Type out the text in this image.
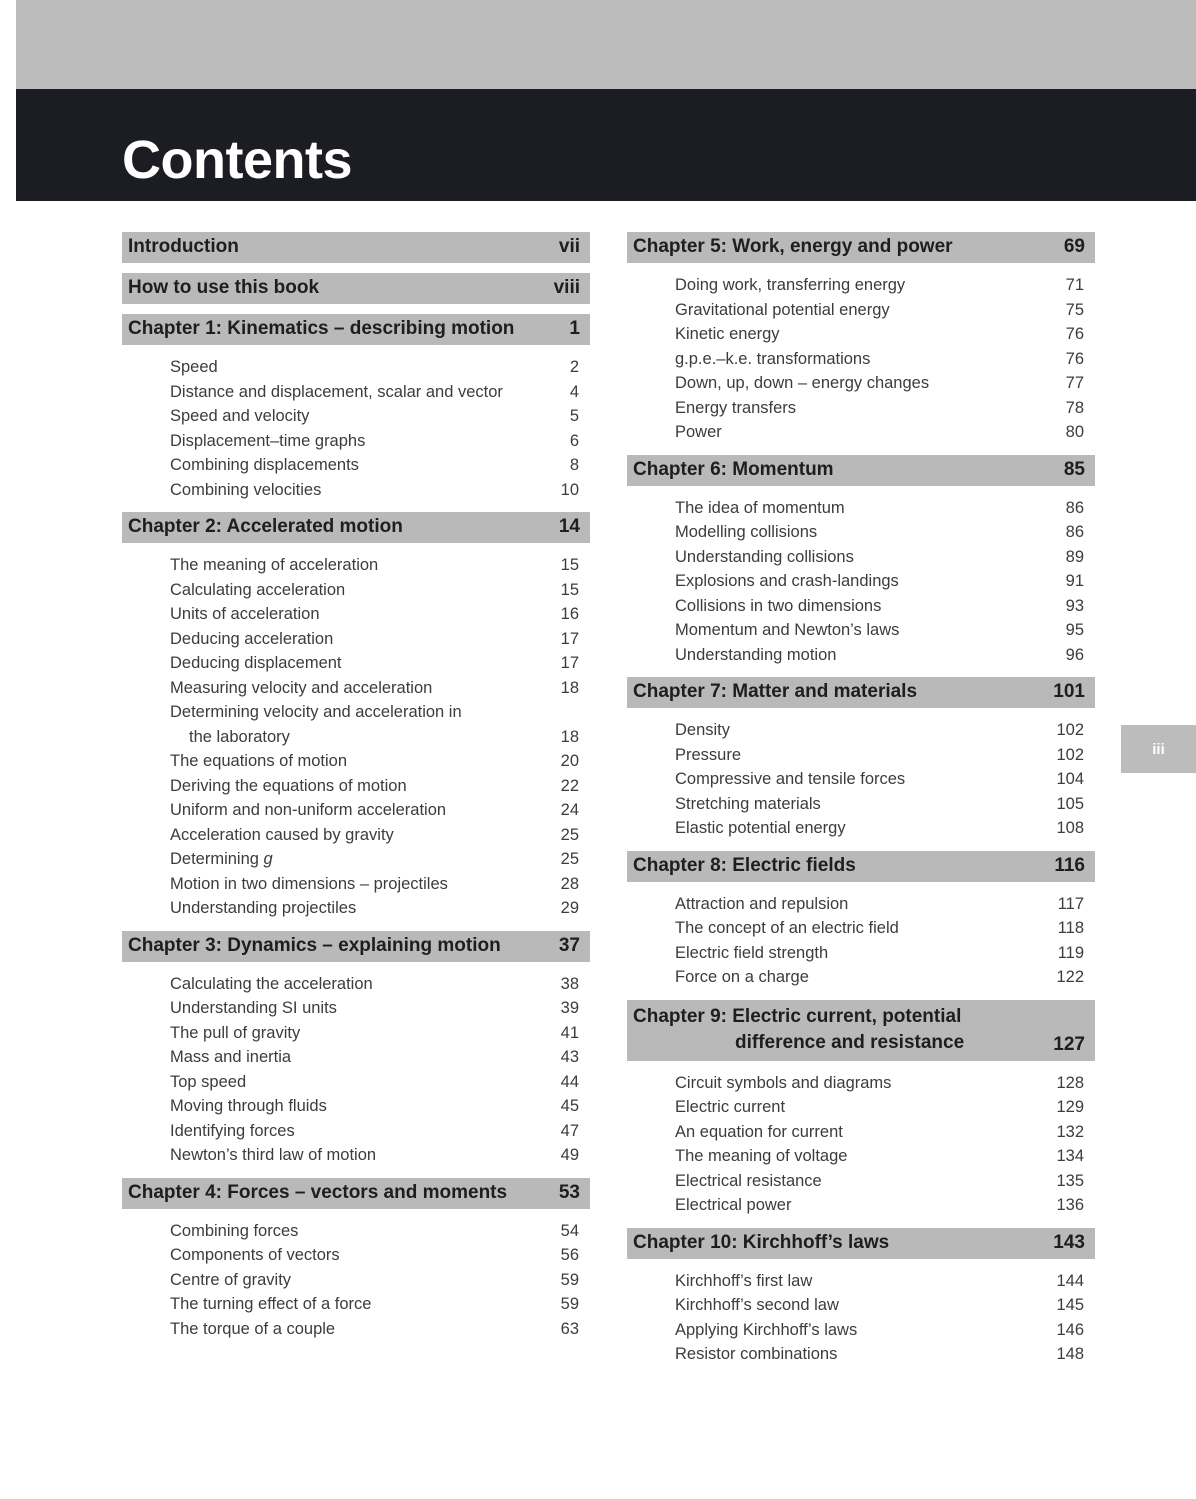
Contents
iii
Introduction	vii
How to use this book	viii
Chapter 1: Kinematics – describing motion	1
Speed	2
Distance and displacement, scalar and vector	4
Speed and velocity	5
Displacement–time graphs	6
Combining displacements	8
Combining velocities	10
Chapter 2: Accelerated motion	14
The meaning of acceleration	15
Calculating acceleration	15
Units of acceleration	16
Deducing acceleration	17
Deducing displacement	17
Measuring velocity and acceleration	18
Determining velocity and acceleration in
the laboratory	18
The equations of motion	20
Deriving the equations of motion	22
Uniform and non-uniform acceleration	24
Acceleration caused by gravity	25
Determining g	25
Motion in two dimensions – projectiles	28
Understanding projectiles	29
Chapter 3: Dynamics – explaining motion	37
Calculating the acceleration	38
Understanding SI units	39
The pull of gravity	41
Mass and inertia	43
Top speed	44
Moving through fluids	45
Identifying forces	47
Newton’s third law of motion	49
Chapter 4: Forces – vectors and moments	53
Combining forces	54
Components of vectors	56
Centre of gravity	59
The turning effect of a force	59
The torque of a couple	63
Chapter 5: Work, energy and power	69
Doing work, transferring energy	71
Gravitational potential energy	75
Kinetic energy	76
g.p.e.–k.e. transformations	76
Down, up, down – energy changes	77
Energy transfers	78
Power	80
Chapter 6: Momentum	85
The idea of momentum	86
Modelling collisions	86
Understanding collisions	89
Explosions and crash-landings	91
Collisions in two dimensions	93
Momentum and Newton’s laws	95
Understanding motion	96
Chapter 7: Matter and materials	101
Density	102
Pressure	102
Compressive and tensile forces	104
Stretching materials	105
Elastic potential energy	108
Chapter 8: Electric fields	116
Attraction and repulsion	117
The concept of an electric field	118
Electric field strength	119
Force on a charge	122
Chapter 9: Electric current, potential
difference and resistance	127
Circuit symbols and diagrams	128
Electric current	129
An equation for current	132
The meaning of voltage	134
Electrical resistance	135
Electrical power	136
Chapter 10: Kirchhoff’s laws	143
Kirchhoff’s first law	144
Kirchhoff’s second law	145
Applying Kirchhoff’s laws	146
Resistor combinations	148
